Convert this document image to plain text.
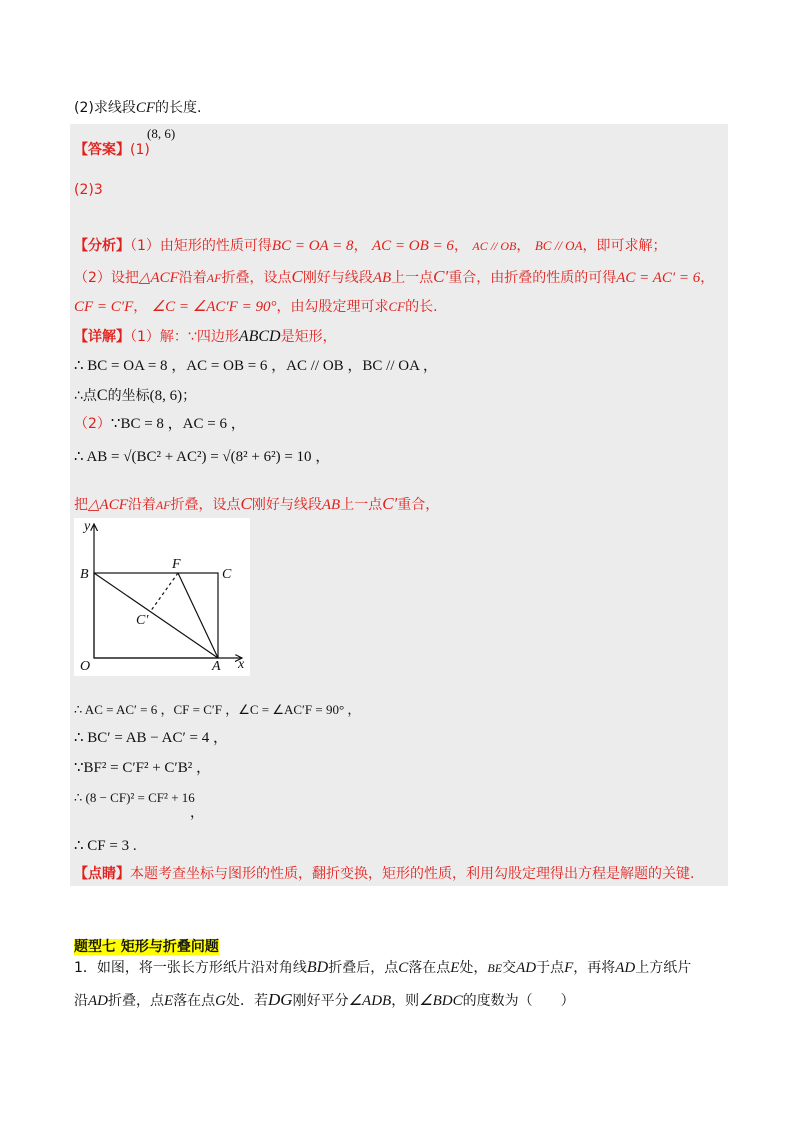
(2)求线段CF的长度.
【答案】(1)
(8, 6)
(2)3
【分析】（1）由矩形的性质可得BC = OA = 8， AC = OB = 6， AC // OB， BC // OA，即可求解；
（2）设把△ACF沿着AF折叠，设点C刚好与线段AB上一点C′重合，由折叠的性质的可得AC = AC′ = 6，
CF = C′F， ∠C = ∠AC′F = 90°，由勾股定理可求CF的长.
【详解】（1）解：∵四边形ABCD是矩形，
∴ BC = OA = 8 ，AC = OB = 6 ，AC // OB ，BC // OA ，
∴点C的坐标(8, 6)；
（2）∵BC = 8 ，AC = 6 ，
∴ AB = √(BC² + AC²) = √(8² + 6²) = 10 ，
把△ACF沿着AF折叠，设点C刚好与线段AB上一点C′重合，
y
x
O	A
B	C
F
C′
∴ AC = AC′ = 6 ，CF = C′F ，∠C = ∠AC′F = 90° ，
∴ BC′ = AB − AC′ = 4 ，
∵BF² = C′F² + C′B² ，
∴ (8 − CF)² = CF² + 16
，
∴ CF = 3 .
【点睛】本题考查坐标与图形的性质，翻折变换，矩形的性质，利用勾股定理得出方程是解题的关键.
题型七 矩形与折叠问题
1．如图，将一张长方形纸片沿对角线BD折叠后，点C落在点E处，BE交AD于点F，再将AD上方纸片
沿AD折叠，点E落在点G处．若DG刚好平分∠ADB，则∠BDC的度数为（　　）
